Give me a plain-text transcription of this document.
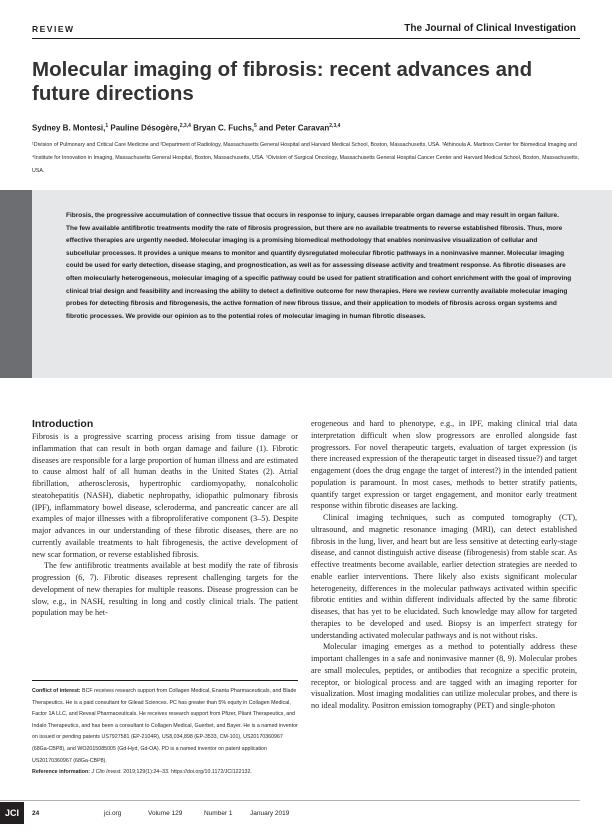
REVIEW	The Journal of Clinical Investigation
Molecular imaging of fibrosis: recent advances and future directions
Sydney B. Montesi,$^1$ Pauline Désogère,$^{2,3,4}$ Bryan C. Fuchs,$^5$ and Peter Caravan$^{2,3,4}$
¹Division of Pulmonary and Critical Care Medicine and ²Department of Radiology, Massachusetts General Hospital and Harvard Medical School, Boston, Massachusetts, USA. ³Athinoula A. Martinos Center for Biomedical Imaging and ⁴Institute for Innovation in Imaging, Massachusetts General Hospital, Boston, Massachusetts, USA. ⁵Division of Surgical Oncology, Massachusetts General Hospital Cancer Center and Harvard Medical School, Boston, Massachusetts, USA.

Fibrosis, the progressive accumulation of connective tissue that occurs in response to injury, causes irreparable organ damage and may result in organ failure. The few available antifibrotic treatments modify the rate of fibrosis progression, but there are no available treatments to reverse established fibrosis. Thus, more effective therapies are urgently needed. Molecular imaging is a promising biomedical methodology that enables noninvasive visualization of cellular and subcellular processes. It provides a unique means to monitor and quantify dysregulated molecular fibrotic pathways in a noninvasive manner. Molecular imaging could be used for early detection, disease staging, and prognostication, as well as for assessing disease activity and treatment response. As fibrotic diseases are often molecularly heterogeneous, molecular imaging of a specific pathway could be used for patient stratification and cohort enrichment with the goal of improving clinical trial design and feasibility and increasing the ability to detect a definitive outcome for new therapies. Here we review currently available molecular imaging probes for detecting fibrosis and fibrogenesis, the active formation of new fibrous tissue, and their application to models of fibrosis across organ systems and fibrotic processes. We provide our opinion as to the potential roles of molecular imaging in human fibrotic diseases.

Introduction

Fibrosis is a progressive scarring process arising from tissue damage or inflammation that can result in both organ damage and failure (1). Fibrotic diseases are responsible for a large proportion of human illness and are estimated to cause almost half of all human deaths in the United States (2). Atrial fibrillation, atherosclerosis, hypertrophic cardiomyopathy, nonalcoholic steatohepatitis (NASH), diabetic nephropathy, idiopathic pulmonary fibrosis (IPF), inflammatory bowel disease, scleroderma, and pancreatic cancer are all examples of major illnesses with a fibroproliferative component (3–5). Despite major advances in our understanding of these fibrotic diseases, there are no currently available treatments to halt fibrogenesis, the active development of new scar formation, or reverse established fibrosis.

The few antifibrotic treatments available at best modify the rate of fibrosis progression (6, 7). Fibrotic diseases represent challenging targets for the development of new therapies for multiple reasons. Disease progression can be slow, e.g., in NASH, resulting in long and costly clinical trials. The patient population may be het-

erogeneous and hard to phenotype, e.g., in IPF, making clinical trial data interpretation difficult when slow progressors are enrolled alongside fast progressors. For novel therapeutic targets, evaluation of target expression (is there increased expression of the therapeutic target in diseased tissue?) and target engagement (does the drug engage the target of interest?) in the intended patient population is paramount. In most cases, methods to better stratify patients, quantify target expression or target engagement, and monitor early treatment response within fibrotic diseases are lacking.

Clinical imaging techniques, such as computed tomography (CT), ultrasound, and magnetic resonance imaging (MRI), can detect established fibrosis in the lung, liver, and heart but are less sensitive at detecting early-stage disease, and cannot distinguish active disease (fibrogenesis) from stable scar. As effective treatments become available, earlier detection strategies are needed to enable earlier interventions. There likely also exists significant molecular heterogeneity, differences in the molecular pathways activated within specific fibrotic entities and within different individuals affected by the same fibrotic diseases, that has yet to be elucidated. Such knowledge may allow for targeted therapies to be developed and used. Biopsy is an imperfect strategy for understanding activated molecular pathways and is not without risks.

Molecular imaging emerges as a method to potentially address these important challenges in a safe and noninvasive manner (8, 9). Molecular probes are small molecules, peptides, or antibodies that recognize a specific protein, receptor, or biological process and are tagged with an imaging reporter for visualization. Most imaging modalities can utilize molecular probes, and there is no ideal modality. Positron emission tomography (PET) and single-photon

Conflict of interest: BCF receives research support from Collagen Medical, Enanta Pharmaceuticals, and Blade Therapeutics. He is a paid consultant for Gilead Sciences. PC has greater than 5% equity in Collagen Medical, Factor 1A LLC, and Reveal Pharmaceuticals. He receives research support from Pfizer, Pliant Therapeutics, and Indalo Therapeutics, and has been a consultant to Collagen Medical, Guerbet, and Bayer. He is a named inventor on issued or pending patents US7927581 (EP-2104R), US8,034,898 (EP-3533, CM-101), US20170360967 (68Ga-CBP8), and WO2015085005 (Gd-Hyd, Gd-OA). PD is a named inventor on patent application US20170360967 (68Ga-CBP8).

Reference information: J Clin Invest. 2019;129(1):24–33. https://doi.org/10.1172/JCI122132.

JCI	24	jci.org	Volume 129	Number 1	January 2019
